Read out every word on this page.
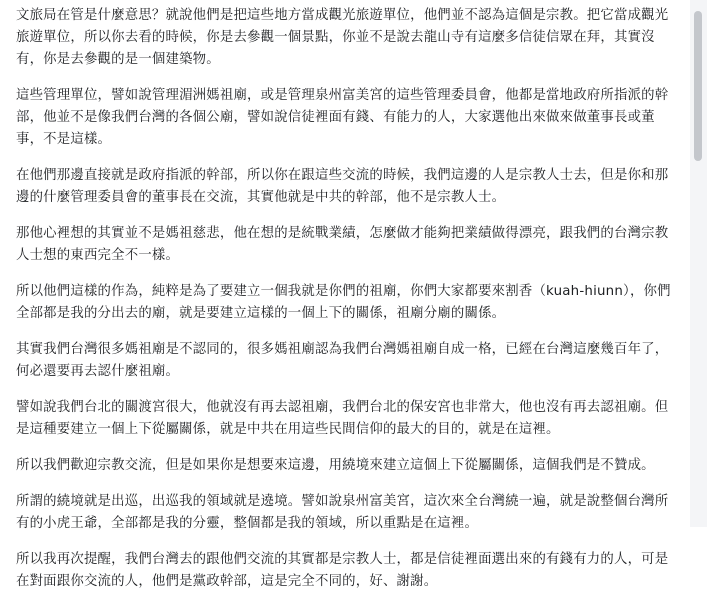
文旅局在管是什麼意思？就說他們是把這些地方當成觀光旅遊單位，他們並不認為這個是宗教。把它當成觀光旅遊單位，所以你去看的時候，你是去參觀一個景點，你並不是說去龍山寺有這麼多信徒信眾在拜，其實沒有，你是去參觀的是一個建築物。

這些管理單位，譬如說管理湄洲媽祖廟，或是管理泉州富美宮的這些管理委員會，他都是當地政府所指派的幹部，他並不是像我們台灣的各個公廟，譬如說信徒裡面有錢、有能力的人，大家選他出來做來做董事長或董事，不是這樣。

在他們那邊直接就是政府指派的幹部，所以你在跟這些交流的時候，我們這邊的人是宗教人士去，但是你和那邊的什麼管理委員會的董事長在交流，其實他就是中共的幹部，他不是宗教人士。

那他心裡想的其實並不是媽祖慈悲，他在想的是統戰業績，怎麼做才能夠把業績做得漂亮，跟我們的台灣宗教人士想的東西完全不一樣。

所以他們這樣的作為，純粹是為了要建立一個我就是你們的祖廟，你們大家都要來割香（kuah-hiunn），你們全部都是我的分出去的廟，就是要建立這樣的一個上下的關係，祖廟分廟的關係。

其實我們台灣很多媽祖廟是不認同的，很多媽祖廟認為我們台灣媽祖廟自成一格，已經在台灣這麼幾百年了，何必還要再去認什麼祖廟。

譬如說我們台北的關渡宮很大，他就沒有再去認祖廟，我們台北的保安宮也非常大，他也沒有再去認祖廟。但是這種要建立一個上下從屬關係，就是中共在用這些民間信仰的最大的目的，就是在這裡。

所以我們歡迎宗教交流，但是如果你是想要來這邊，用繞境來建立這個上下從屬關係，這個我們是不贊成。

所謂的繞境就是出巡，出巡我的領域就是遶境。譬如說泉州富美宮，這次來全台灣繞一遍，就是說整個台灣所有的小虎王爺，全部都是我的分靈，整個都是我的領域，所以重點是在這裡。

所以我再次提醒，我們台灣去的跟他們交流的其實都是宗教人士，都是信徒裡面選出來的有錢有力的人，可是在對面跟你交流的人，他們是黨政幹部，這是完全不同的，好、謝謝。
